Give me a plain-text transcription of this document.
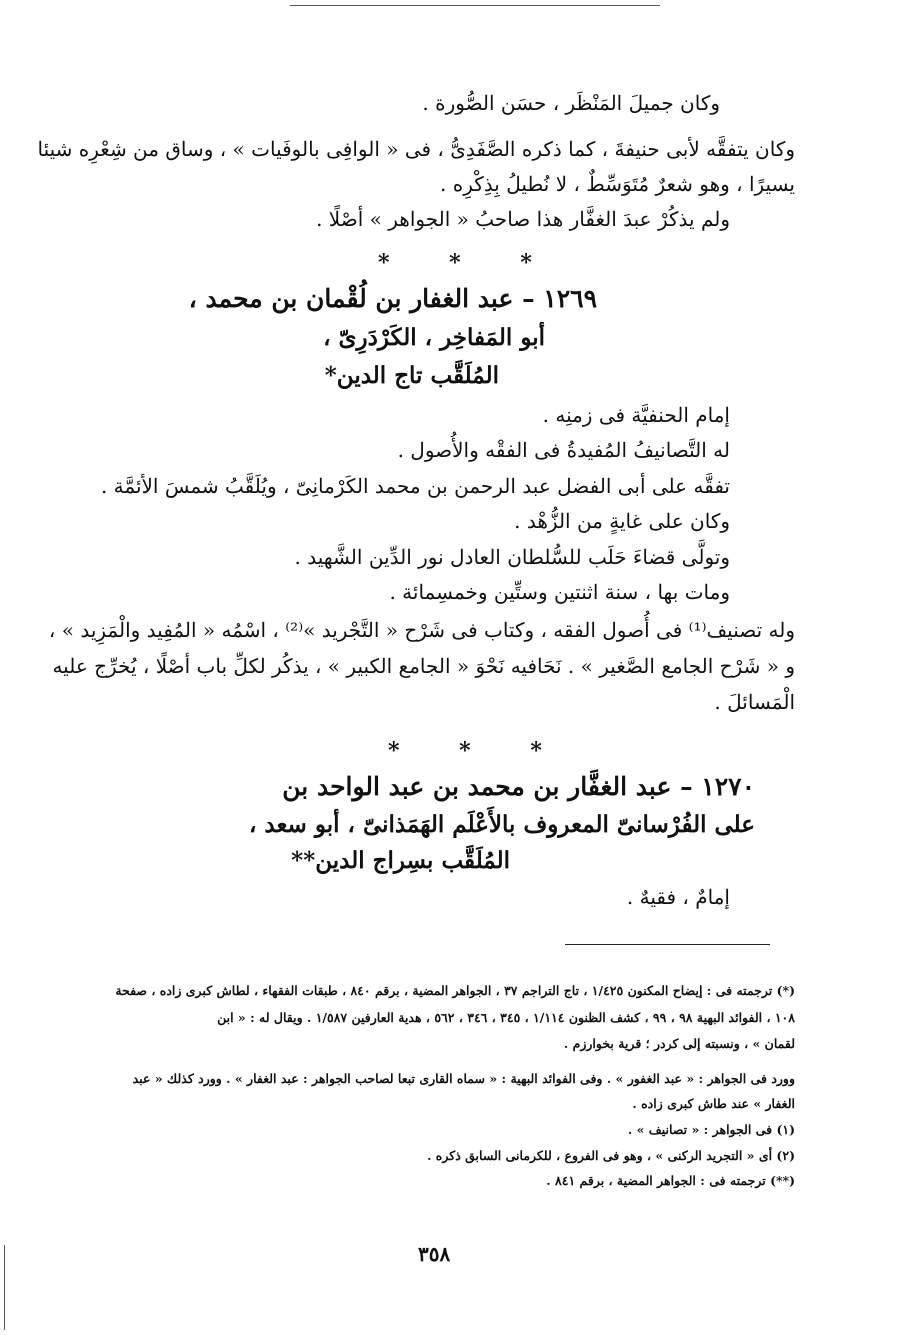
وكان جميلَ المَنْظَر ، حسَن الصُّورة .
وكان يتفقَّه لأبى حنيفةَ ، كما ذكره الصَّفَدِىُّ ، فى « الوافِى بالوفَيات » ، وساق من شِعْرِه شيئا
يسيرًا ، وهو شعرٌ مُتَوَسِّطٌ ، لا نُطيلُ بِذِكْرِه .
ولم يذكُرْ عبدَ الغفَّار هذا صاحبُ « الجواهر » أصْلًا .
* * *
١٢٦٩ – عبد الغفار بن لُقْمان بن محمد ،
أبو المَفاخِر ، الكَرْدَرِىّ ،
المُلَقَّب تاج الدين*
إمام الحنفيَّة فى زمنِه .
له التَّصانيفُ المُفيدةُ فى الفقْه والأُصول .
تفقَّه على أبى الفضل عبد الرحمن بن محمد الكَرْمانِىّ ، ويُلَقَّبُ شمسَ الأئمَّة .
وكان على غايةٍ من الزُّهْد .
وتولَّى قضاءَ حَلَب للسُّلطان العادل نور الدِّين الشَّهيد .
ومات بها ، سنة اثنتين وستِّين وخمسِمائة .
وله تصنيف⁽¹⁾ فى أُصول الفقه ، وكتاب فى شَرْح « التَّجْريد »⁽²⁾ ، اسْمُه « المُفِيد والْمَزِيد » ،
و « شَرْح الجامع الصَّغير » . نَحَافيه نَحْوَ « الجامع الكبير » ، يذكُر لكلِّ باب أصْلًا ، يُخرِّج عليه
الْمَسائلَ .
* * *
١٢٧٠ – عبد الغفَّار بن محمد بن عبد الواحد بن
على الفُرْسانىّ المعروف بالأَعْلَم الهَمَذانىّ ، أبو سعد ،
المُلَقَّب بسِراج الدين**
إمامٌ ، فقيهٌ .
(*) ترجمته فى : إيضاح المكنون ١/٤٢٥ ، تاج التراجم ٣٧ ، الجواهر المضية ، برقم ٨٤٠ ، طبقات الفقهاء ، لطاش كبرى زاده ، صفحة
١٠٨ ، الفوائد البهية ٩٨ ، ٩٩ ، كشف الظنون ١/١١٤ ، ٣٤٥ ، ٣٤٦ ، ٥٦٢ ، هدية العارفين ١/٥٨٧ . ويقال له : « ابن
لقمان » ، ونسبته إلى كردر ؛ قرية بخوارزم .
وورد فى الجواهر : « عبد الغفور » . وفى الفوائد البهية : « سماه القارى تبعا لصاحب الجواهر : عبد الغفار » . وورد كذلك « عبد
الغفار » عند طاش كبرى زاده .
(١) فى الجواهر : « تصانيف » .
(٢) أى « التجريد الركنى » ، وهو فى الفروع ، للكرمانى السابق ذكره .
(**) ترجمته فى : الجواهر المضية ، برقم ٨٤١ .
٣٥٨
